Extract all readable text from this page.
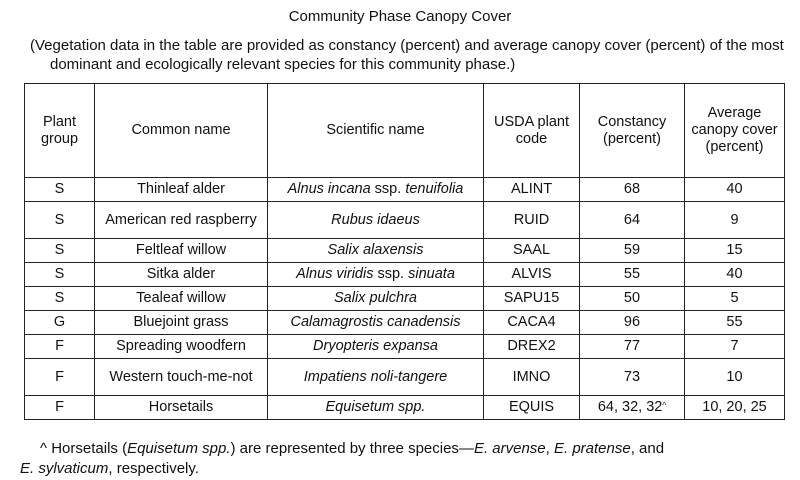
Community Phase Canopy Cover
(Vegetation data in the table are provided as constancy (percent) and average canopy cover (percent) of the most dominant and ecologically relevant species for this community phase.)
Plant group	Common name	Scientific name	USDA plant code	Constancy (percent)	Average canopy cover (percent)
S	Thinleaf alder	Alnus incana ssp. tenuifolia	ALINT	68	40
S	American red raspberry	Rubus idaeus	RUID	64	9
S	Feltleaf willow	Salix alaxensis	SAAL	59	15
S	Sitka alder	Alnus viridis ssp. sinuata	ALVIS	55	40
S	Tealeaf willow	Salix pulchra	SAPU15	50	5
G	Bluejoint grass	Calamagrostis canadensis	CACA4	96	55
F	Spreading woodfern	Dryopteris expansa	DREX2	77	7
F	Western touch-me-not	Impatiens noli-tangere	IMNO	73	10
F	Horsetails	Equisetum spp.	EQUIS	64, 32, 32^	10, 20, 25
^ Horsetails (Equisetum spp.) are represented by three species—E. arvense, E. pratense, and
E. sylvaticum, respectively.
